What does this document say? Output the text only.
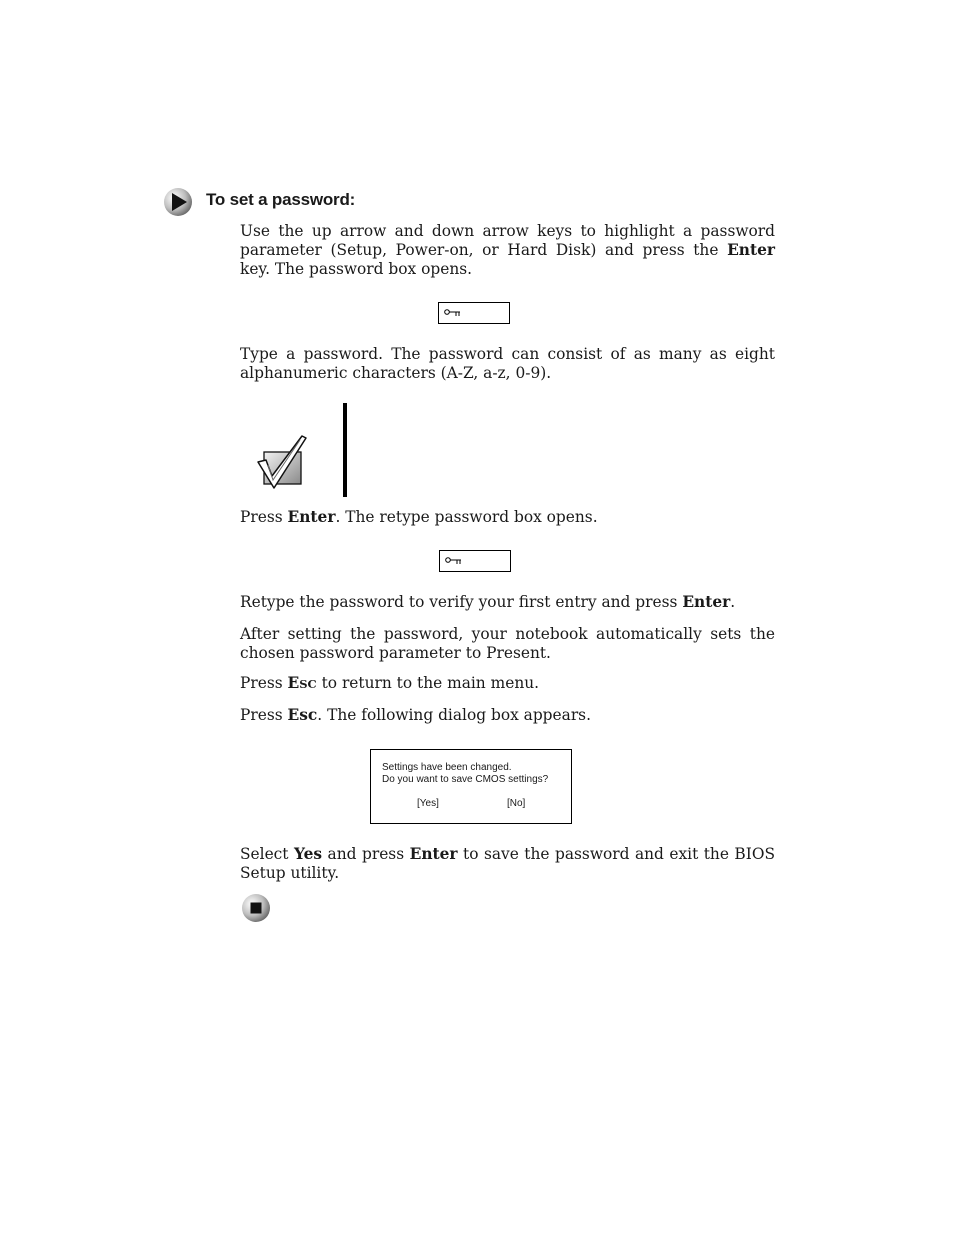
To set a password:

Use the up arrow and down arrow keys to highlight a password parameter (Setup, Power-on, or Hard Disk) and press the Enter key. The password box opens.

Type a password. The password can consist of as many as eight alphanumeric characters (A-Z, a-z, 0-9).

Press Enter. The retype password box opens.

Retype the password to verify your first entry and press Enter.

After setting the password, your notebook automatically sets the chosen password parameter to Present.

Press ESC to return to the main menu.

Press Esc. The following dialog box appears.

Settings have been changed.
Do you want to save CMOS settings?
[Yes]	[No]

Select Yes and press Enter to save the password and exit the BIOS Setup utility.
